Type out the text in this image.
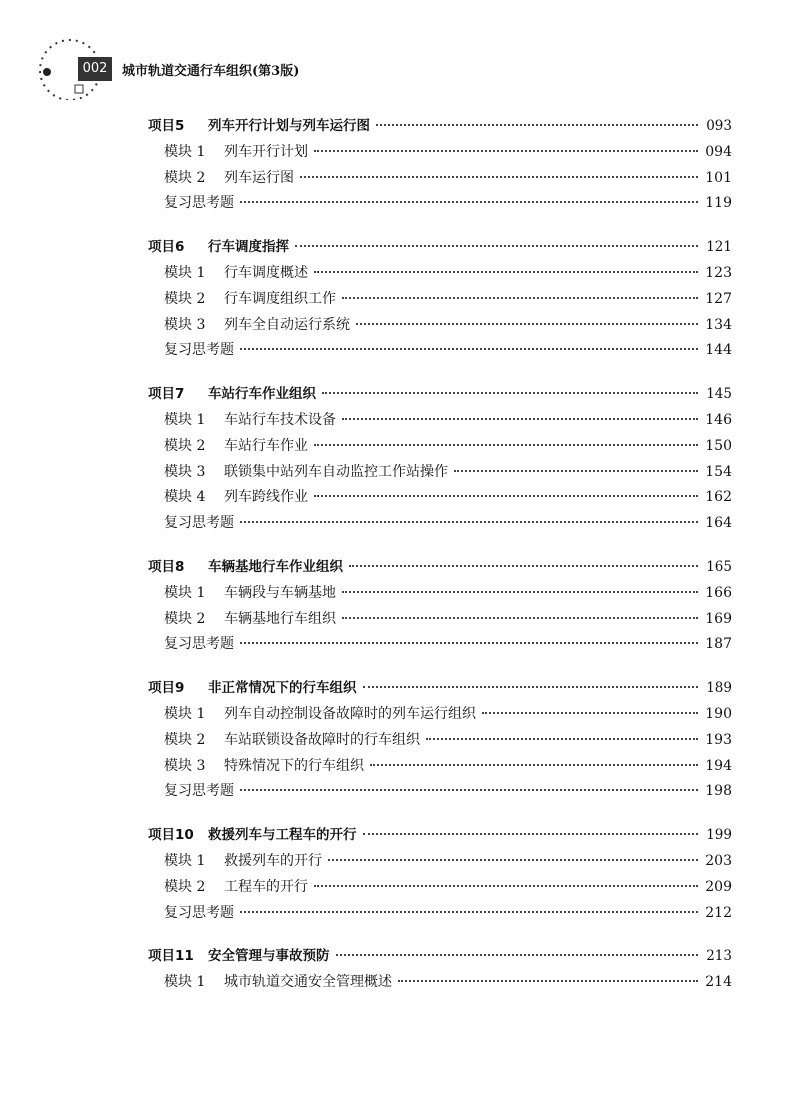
002	城市轨道交通行车组织(第3版)
项目5	列车开行计划与列车运行图	093
模块 1	列车开行计划	094
模块 2	列车运行图	101
复习思考题	119
项目6	行车调度指挥	121
模块 1	行车调度概述	123
模块 2	行车调度组织工作	127
模块 3	列车全自动运行系统	134
复习思考题	144
项目7	车站行车作业组织	145
模块 1	车站行车技术设备	146
模块 2	车站行车作业	150
模块 3	联锁集中站列车自动监控工作站操作	154
模块 4	列车跨线作业	162
复习思考题	164
项目8	车辆基地行车作业组织	165
模块 1	车辆段与车辆基地	166
模块 2	车辆基地行车组织	169
复习思考题	187
项目9	非正常情况下的行车组织	189
模块 1	列车自动控制设备故障时的列车运行组织	190
模块 2	车站联锁设备故障时的行车组织	193
模块 3	特殊情况下的行车组织	194
复习思考题	198
项目10	救援列车与工程车的开行	199
模块 1	救援列车的开行	203
模块 2	工程车的开行	209
复习思考题	212
项目11	安全管理与事故预防	213
模块 1	城市轨道交通安全管理概述	214
